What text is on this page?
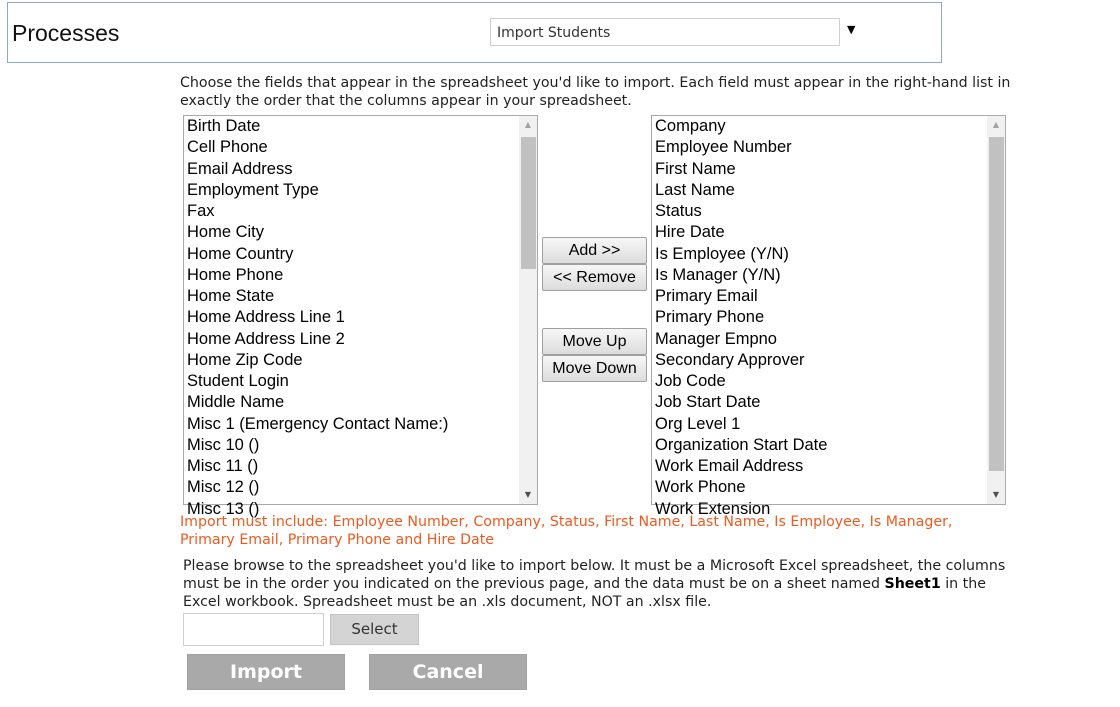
Processes	Import Students	▼

Choose the fields that appear in the spreadsheet you'd like to import. Each field must appear in the right-hand list in exactly the order that the columns appear in your spreadsheet.

Birth Date
Cell Phone
Email Address
Employment Type
Fax
Home City
Home Country
Home Phone
Home State
Home Address Line 1
Home Address Line 2
Home Zip Code
Student Login
Middle Name
Misc 1 (Emergency Contact Name:)
Misc 10 ()
Misc 11 ()
Misc 12 ()
Misc 13 ()
▲
▼
Add >>
<< Remove
Move Up
Move Down
Company
Employee Number
First Name
Last Name
Status
Hire Date
Is Employee (Y/N)
Is Manager (Y/N)
Primary Email
Primary Phone
Manager Empno
Secondary Approver
Job Code
Job Start Date
Org Level 1
Organization Start Date
Work Email Address
Work Phone
Work Extension
▲
▼

Import must include: Employee Number, Company, Status, First Name, Last Name, Is Employee, Is Manager, Primary Email, Primary Phone and Hire Date

Please browse to the spreadsheet you'd like to import below. It must be a Microsoft Excel spreadsheet, the columns must be in the order you indicated on the previous page, and the data must be on a sheet named Sheet1 in the Excel workbook. Spreadsheet must be an .xls document, NOT an .xlsx file.

Select
Import	Cancel
